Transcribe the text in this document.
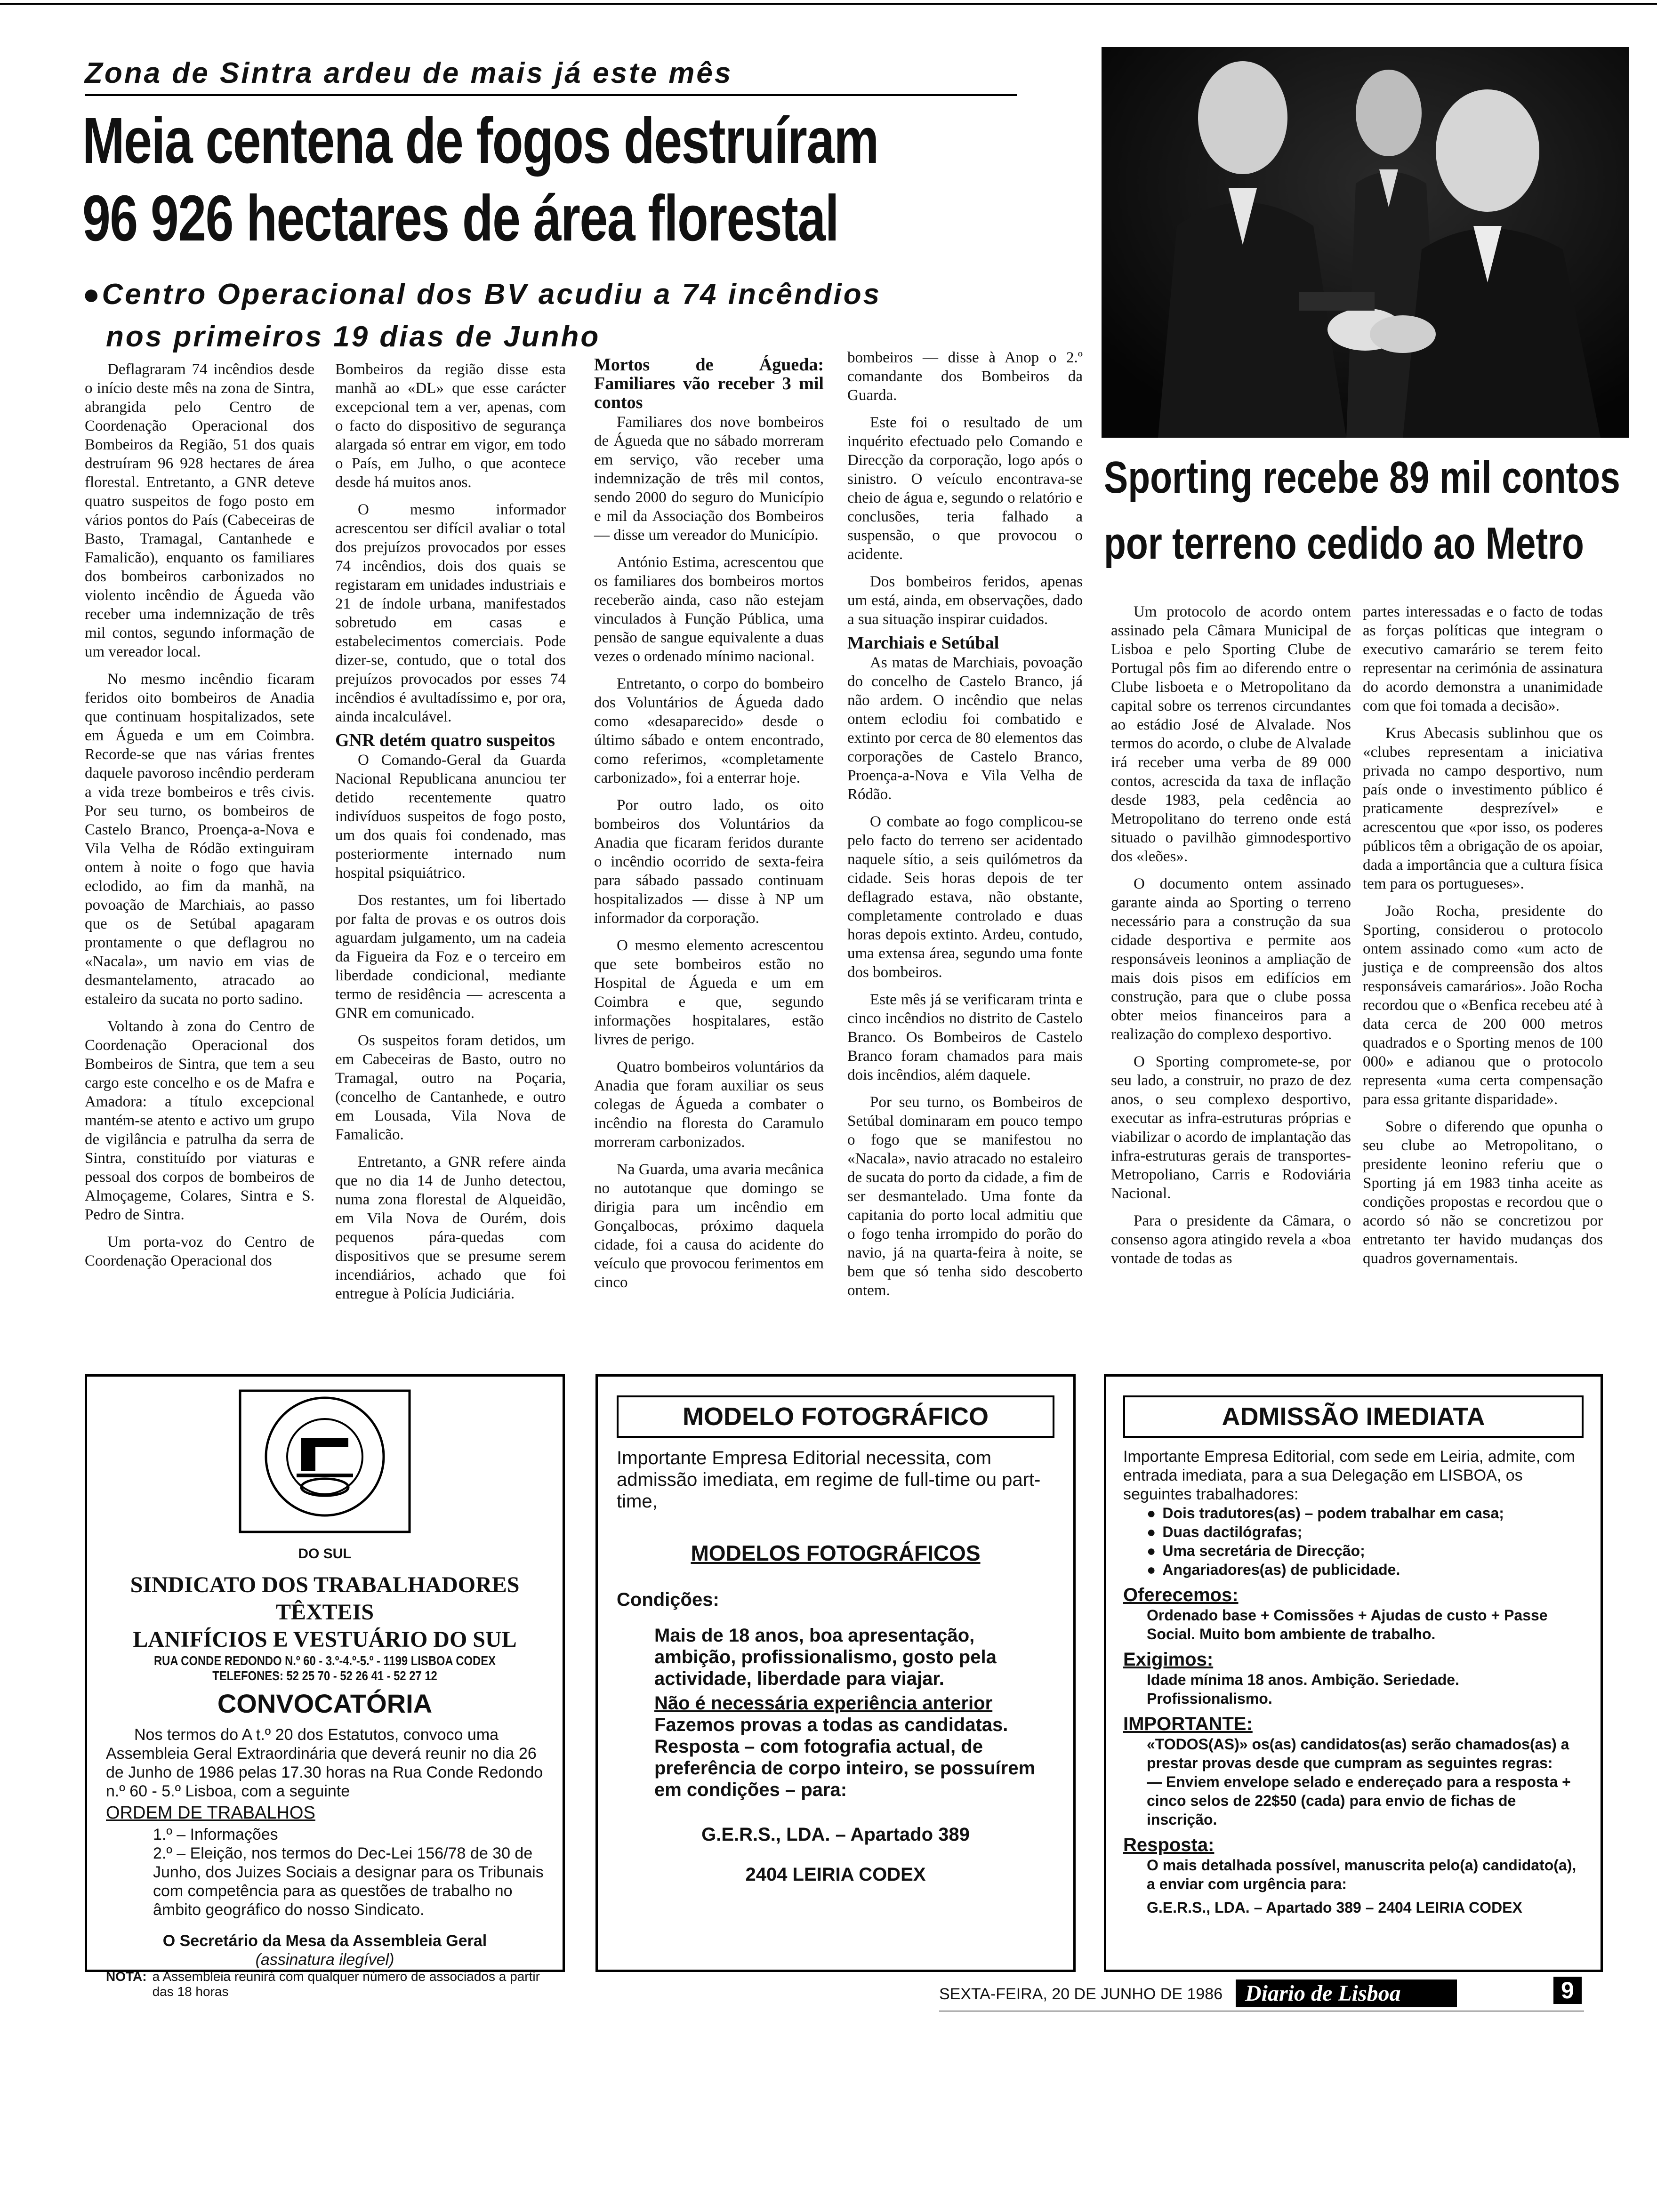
Zona de Sintra ardeu de mais já este mês
Meia centena de fogos destruíram
96 926 hectares de área florestal
●Centro Operacional dos BV acudiu a 74 incêndios
nos primeiros 19 dias de Junho

Deflagraram 74 incêndios desde o início deste mês na zona de Sintra, abrangida pelo Centro de Coordenação Operacional dos Bombeiros da Região, 51 dos quais destruíram 96 928 hectares de área florestal. Entretanto, a GNR deteve quatro suspeitos de fogo posto em vários pontos do País (Cabeceiras de Basto, Tramagal, Cantanhede e Famalicão), enquanto os familiares dos bombeiros carbonizados no violento incêndio de Águeda vão receber uma indemnização de três mil contos, segundo informação de um vereador local.

No mesmo incêndio ficaram feridos oito bombeiros de Anadia que continuam hospitalizados, sete em Águeda e um em Coimbra. Recorde-se que nas várias frentes daquele pavoroso incêndio perderam a vida treze bombeiros e três civis. Por seu turno, os bombeiros de Castelo Branco, Proença-a-Nova e Vila Velha de Ródão extinguiram ontem à noite o fogo que havia eclodido, ao fim da manhã, na povoação de Marchiais, ao passo que os de Setúbal apagaram prontamente o que deflagrou no «Nacala», um navio em vias de desmantelamento, atracado ao estaleiro da sucata no porto sadino.

Voltando à zona do Centro de Coordenação Operacional dos Bombeiros de Sintra, que tem a seu cargo este concelho e os de Mafra e Amadora: a título excepcional mantém-se atento e activo um grupo de vigilância e patrulha da serra de Sintra, constituído por viaturas e pessoal dos corpos de bombeiros de Almoçageme, Colares, Sintra e S. Pedro de Sintra.

Um porta-voz do Centro de Coordenação Operacional dos

Bombeiros da região disse esta manhã ao «DL» que esse carácter excepcional tem a ver, apenas, com o facto do dispositivo de segurança alargada só entrar em vigor, em todo o País, em Julho, o que acontece desde há muitos anos.

O mesmo informador acrescentou ser difícil avaliar o total dos prejuízos provocados por esses 74 incêndios, dois dos quais se registaram em unidades industriais e 21 de índole urbana, manifestados sobretudo em casas e estabelecimentos comerciais. Pode dizer-se, contudo, que o total dos prejuízos provocados por esses 74 incêndios é avultadíssimo e, por ora, ainda incalculável.

GNR detém quatro suspeitos

O Comando-Geral da Guarda Nacional Republicana anunciou ter detido recentemente quatro indivíduos suspeitos de fogo posto, um dos quais foi condenado, mas posteriormente internado num hospital psiquiátrico.

Dos restantes, um foi libertado por falta de provas e os outros dois aguardam julgamento, um na cadeia da Figueira da Foz e o terceiro em liberdade condicional, mediante termo de residência — acrescenta a GNR em comunicado.

Os suspeitos foram detidos, um em Cabeceiras de Basto, outro no Tramagal, outro na Poçaria, (concelho de Cantanhede, e outro em Lousada, Vila Nova de Famalicão.

Entretanto, a GNR refere ainda que no dia 14 de Junho detectou, numa zona florestal de Alqueidão, em Vila Nova de Ourém, dois pequenos pára-quedas com dispositivos que se presume serem incendiários, achado que foi entregue à Polícia Judiciária.

Mortos de Águeda: Familiares vão receber 3 mil contos

Familiares dos nove bombeiros de Águeda que no sábado morreram em serviço, vão receber uma indemnização de três mil contos, sendo 2000 do seguro do Município e mil da Associação dos Bombeiros — disse um vereador do Município.

António Estima, acrescentou que os familiares dos bombeiros mortos receberão ainda, caso não estejam vinculados à Função Pública, uma pensão de sangue equivalente a duas vezes o ordenado mínimo nacional.

Entretanto, o corpo do bombeiro dos Voluntários de Águeda dado como «desaparecido» desde o último sábado e ontem encontrado, como referimos, «completamente carbonizado», foi a enterrar hoje.

Por outro lado, os oito bombeiros dos Voluntários da Anadia que ficaram feridos durante o incêndio ocorrido de sexta-feira para sábado passado continuam hospitalizados — disse à NP um informador da corporação.

O mesmo elemento acrescentou que sete bombeiros estão no Hospital de Águeda e um em Coimbra e que, segundo informações hospitalares, estão livres de perigo.

Quatro bombeiros voluntários da Anadia que foram auxiliar os seus colegas de Águeda a combater o incêndio na floresta do Caramulo morreram carbonizados.

Na Guarda, uma avaria mecânica no autotanque que domingo se dirigia para um incêndio em Gonçalbocas, próximo daquela cidade, foi a causa do acidente do veículo que provocou ferimentos em cinco

bombeiros — disse à Anop o 2.º comandante dos Bombeiros da Guarda.

Este foi o resultado de um inquérito efectuado pelo Comando e Direcção da corporação, logo após o sinistro. O veículo encontrava-se cheio de água e, segundo o relatório e conclusões, teria falhado a suspensão, o que provocou o acidente.

Dos bombeiros feridos, apenas um está, ainda, em observações, dado a sua situação inspirar cuidados.

Marchiais e Setúbal

As matas de Marchiais, povoação do concelho de Castelo Branco, já não ardem. O incêndio que nelas ontem eclodiu foi combatido e extinto por cerca de 80 elementos das corporações de Castelo Branco, Proença-a-Nova e Vila Velha de Ródão.

O combate ao fogo complicou-se pelo facto do terreno ser acidentado naquele sítio, a seis quilómetros da cidade. Seis horas depois de ter deflagrado estava, não obstante, completamente controlado e duas horas depois extinto. Ardeu, contudo, uma extensa área, segundo uma fonte dos bombeiros.

Este mês já se verificaram trinta e cinco incêndios no distrito de Castelo Branco. Os Bombeiros de Castelo Branco foram chamados para mais dois incêndios, além daquele.

Por seu turno, os Bombeiros de Setúbal dominaram em pouco tempo o fogo que se manifestou no «Nacala», navio atracado no estaleiro de sucata do porto da cidade, a fim de ser desmantelado. Uma fonte da capitania do porto local admitiu que o fogo tenha irrompido do porão do navio, já na quarta-feira à noite, se bem que só tenha sido descoberto ontem.

Sporting recebe 89 mil contos
por terreno cedido ao Metro

Um protocolo de acordo ontem assinado pela Câmara Municipal de Lisboa e pelo Sporting Clube de Portugal pôs fim ao diferendo entre o Clube lisboeta e o Metropolitano da capital sobre os terrenos circundantes ao estádio José de Alvalade. Nos termos do acordo, o clube de Alvalade irá receber uma verba de 89 000 contos, acrescida da taxa de inflação desde 1983, pela cedência ao Metropolitano do terreno onde está situado o pavilhão gimnodesportivo dos «leões».

O documento ontem assinado garante ainda ao Sporting o terreno necessário para a construção da sua cidade desportiva e permite aos responsáveis leoninos a ampliação de mais dois pisos em edifícios em construção, para que o clube possa obter meios financeiros para a realização do complexo desportivo.

O Sporting compromete-se, por seu lado, a construir, no prazo de dez anos, o seu complexo desportivo, executar as infra-estruturas próprias e viabilizar o acordo de implantação das infra-estruturas gerais de transportes-Metropoliano, Carris e Rodoviária Nacional.

Para o presidente da Câmara, o consenso agora atingido revela a «boa vontade de todas as

partes interessadas e o facto de todas as forças políticas que integram o executivo camarário se terem feito representar na cerimónia de assinatura do acordo demonstra a unanimidade com que foi tomada a decisão».

Krus Abecasis sublinhou que os «clubes representam a iniciativa privada no campo desportivo, num país onde o investimento público é praticamente desprezível» e acrescentou que «por isso, os poderes públicos têm a obrigação de os apoiar, dada a importância que a cultura física tem para os portugueses».

João Rocha, presidente do Sporting, considerou o protocolo ontem assinado como «um acto de justiça e de compreensão dos altos responsáveis camarários». João Rocha recordou que o «Benfica recebeu até à data cerca de 200 000 metros quadrados e o Sporting menos de 100 000» e adianou que o protocolo representa «uma certa compensação para essa gritante disparidade».

Sobre o diferendo que opunha o seu clube ao Metropolitano, o presidente leonino referiu que o Sporting já em 1983 tinha aceite as condições propostas e recordou que o acordo só não se concretizou por entretanto ter havido mudanças dos quadros governamentais.

DO SUL
SINDICATO DOS TRABALHADORES TÊXTEIS
LANIFÍCIOS E VESTUÁRIO DO SUL
RUA CONDE REDONDO N.º 60 - 3.º-4.º-5.º - 1199 LISBOA CODEX
TELEFONES: 52 25 70 - 52 26 41 - 52 27 12
CONVOCATÓRIA
Nos termos do A t.º 20 dos Estatutos, convoco uma Assembleia Geral Extraordinária que deverá reunir no dia 26 de Junho de 1986 pelas 17.30 horas na Rua Conde Redondo n.º 60 - 5.º Lisboa, com a seguinte
ORDEM DE TRABALHOS
1.º – Informações
2.º – Eleição, nos termos do Dec-Lei 156/78 de 30 de Junho, dos Juizes Sociais a designar para os Tribunais com competência para as questões de trabalho no âmbito geográfico do nosso Sindicato.
O Secretário da Mesa da Assembleia Geral
(assinatura ilegível)
NOTA: a Assembleia reunirá com qualquer número de associados a partir das 18 horas
MODELO FOTOGRÁFICO
Importante Empresa Editorial necessita, com admissão imediata, em regime de full-time ou part-time,
MODELOS FOTOGRÁFICOS
Condições:
Mais de 18 anos, boa apresentação, ambição, profissionalismo, gosto pela actividade, liberdade para viajar.
Não é necessária experiência anterior
Fazemos provas a todas as candidatas.
Resposta – com fotografia actual, de preferência de corpo inteiro, se possuírem em condições – para:
G.E.R.S., LDA. – Apartado 389
2404 LEIRIA CODEX
ADMISSÃO IMEDIATA
Importante Empresa Editorial, com sede em Leiria, admite, com entrada imediata, para a sua Delegação em LISBOA, os seguintes trabalhadores:
● Dois tradutores(as) – podem trabalhar em casa;
● Duas dactilógrafas;
● Uma secretária de Direcção;
● Angariadores(as) de publicidade.
Oferecemos:
Ordenado base + Comissões + Ajudas de custo + Passe Social. Muito bom ambiente de trabalho.
Exigimos:
Idade mínima 18 anos. Ambição. Seriedade. Profissionalismo.
IMPORTANTE:
«TODOS(AS)» os(as) candidatos(as) serão chamados(as) a prestar provas desde que cumpram as seguintes regras:
— Enviem envelope selado e endereçado para a resposta + cinco selos de 22$50 (cada) para envio de fichas de inscrição.
Resposta:
O mais detalhada possível, manuscrita pelo(a) candidato(a), a enviar com urgência para:
G.E.R.S., LDA. – Apartado 389 – 2404 LEIRIA CODEX
SEXTA-FEIRA, 20 DE JUNHO DE 1986 Diario de Lisboa	9
